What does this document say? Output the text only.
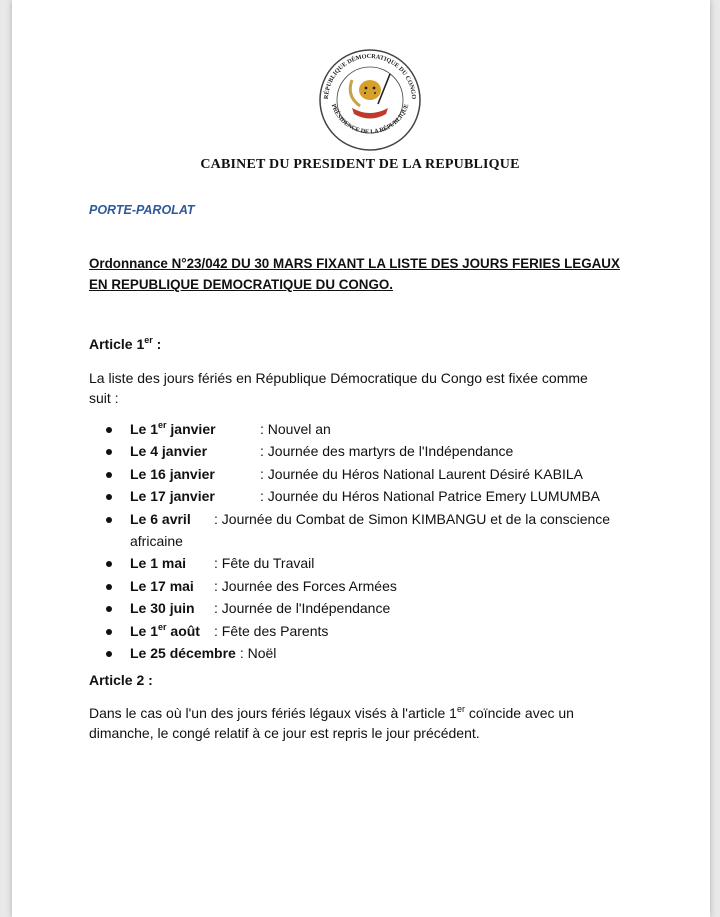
RÉPUBLIQUE DÉMOCRATIQUE DU CONGO
PRÉSIDENCE DE LA RÉPUBLIQUE
CABINET DU PRESIDENT DE LA REPUBLIQUE
PORTE-PAROLAT
Ordonnance N°23/042 DU 30 MARS FIXANT LA LISTE DES JOURS FERIES LEGAUX
EN REPUBLIQUE DEMOCRATIQUE DU CONGO.
Article 1er :
La liste des jours fériés en République Démocratique du Congo est fixée comme suit :
Le 1er janvier	: Nouvel an
Le 4 janvier	: Journée des martyrs de l'Indépendance
Le 16 janvier	: Journée du Héros National Laurent Désiré KABILA
Le 17 janvier	: Journée du Héros National Patrice Emery LUMUMBA
Le 6 avril : Journée du Combat de Simon KIMBANGU et de la conscience
africaine
Le 1 mai : Fête du Travail
Le 17 mai : Journée des Forces Armées
Le 30 juin : Journée de l'Indépendance
Le 1er août : Fête des Parents
Le 25 décembre : Noël
Article 2 :
Dans le cas où l'un des jours fériés légaux visés à l'article 1er coïncide avec un dimanche, le congé relatif à ce jour est repris le jour précédent.
